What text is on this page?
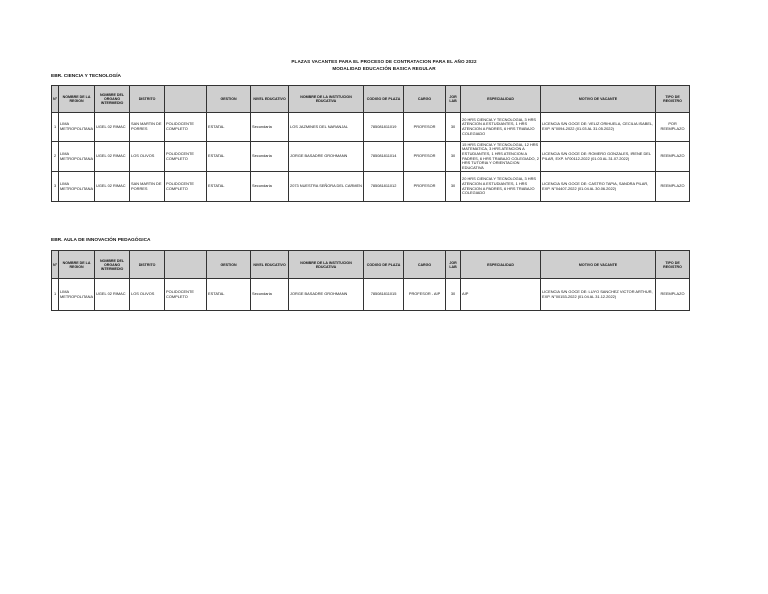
PLAZAS VACANTES PARA EL PROCESO DE CONTRATACION PARA EL AÑO 2022
MODALIDAD EDUCACIÓN BASICA REGULAR
EBR. CIENCIA Y TECNOLOGÍA
N°	NOMBRE DE LA REGION	NOMBRE DEL ORGANO INTERMEDIO	DISTRITO		GESTION	NIVEL EDUCATIVO	NOMBRE DE LA INSTITUCION EDUCATIVA	CODIGO DE PLAZA	CARGO	JOR LAB	ESPECIALIDAD	MOTIVO DE VACANTE	TIPO DE REGISTRO
1	LIMA METROPOLITANA	UGEL 02 RIMAC	SAN MARTIN DE PORRES	POLIDOCENTE COMPLETO	ESTATAL	Secundaria	LOS JAZMINES DEL NARANJAL	785081811019	PROFESOR	30	20 HRS CIENCIA Y TECNOLOGIA, 3 HRS ATENCION A ESTUDIANTES, 1 HRS ATENCION A PADRES, 6 HRS TRABAJO COLEGIADO	LICENCIA S/N GOCE DE: VELIZ ORIHUELA, CECILIA ISABEL, EXP. N°0094-2022 (01.03 AL 31.05.2022)	POR REEMPLAZO
2	LIMA METROPOLITANA	UGEL 02 RIMAC	LOS OLIVOS	POLIDOCENTE COMPLETO	ESTATAL	Secundaria	JORGE BASADRE GROHMANN	785081811014	PROFESOR	30	15 HRS CIENCIA Y TECNOLOGIA, 12 HRS MATEMATICA, 3 HRS ATENCION A ESTUDIANTES, 1 HRS ATENCION A PADRES, 6 HRS TRABAJO COLEGIADO, 2 HRS TUTORIA Y ORIENTACION EDUCATIVA	LICENCIA S/N GOCE DE: ROMERO GONZALES, IRENE DEL PILAR, EXP. N°00112-2022 (01.03 AL 31.07.2022)	REEMPLAZO
3	LIMA METROPOLITANA	UGEL 02 RIMAC	SAN MARTIN DE PORRES	POLIDOCENTE COMPLETO	ESTATAL	Secundaria	2073 NUESTRA SEÑORA DEL CARMEN	785081811012	PROFESOR	30	20 HRS CIENCIA Y TECNOLOGIA, 3 HRS ATENCION A ESTUDIANTES, 1 HRS ATENCION A PADRES, 6 HRS TRABAJO COLEGIADO	LICENCIA S/N GOCE DE: CASTRO TAPIA, SANDRA PILAR, EXP. N°04407-2022 (01.04 AL 30.06.2022)	REEMPLAZO
EBR. AULA DE INNOVACIÓN PEDAGÓGICA
N°	NOMBRE DE LA REGION	NOMBRE DEL ORGANO INTERMEDIO	DISTRITO		GESTION	NIVEL EDUCATIVO	NOMBRE DE LA INSTITUCION EDUCATIVA	CODIGO DE PLAZA	CARGO	JOR LAB	ESPECIALIDAD	MOTIVO DE VACANTE	TIPO DE REGISTRO
1	LIMA METROPOLITANA	UGEL 02 RIMAC	LOS OLIVOS	POLIDOCENTE COMPLETO	ESTATAL	Secundaria	JORGE BASADRE GROHMANN	785081811015	PROFESOR - AIP	30	AIP	LICENCIA S/N GOCE DE: LUYO SANCHEZ VICTOR ARTHUR, EXP. N°00153-2022 (01.04 AL 31.12.2022)	REEMPLAZO
